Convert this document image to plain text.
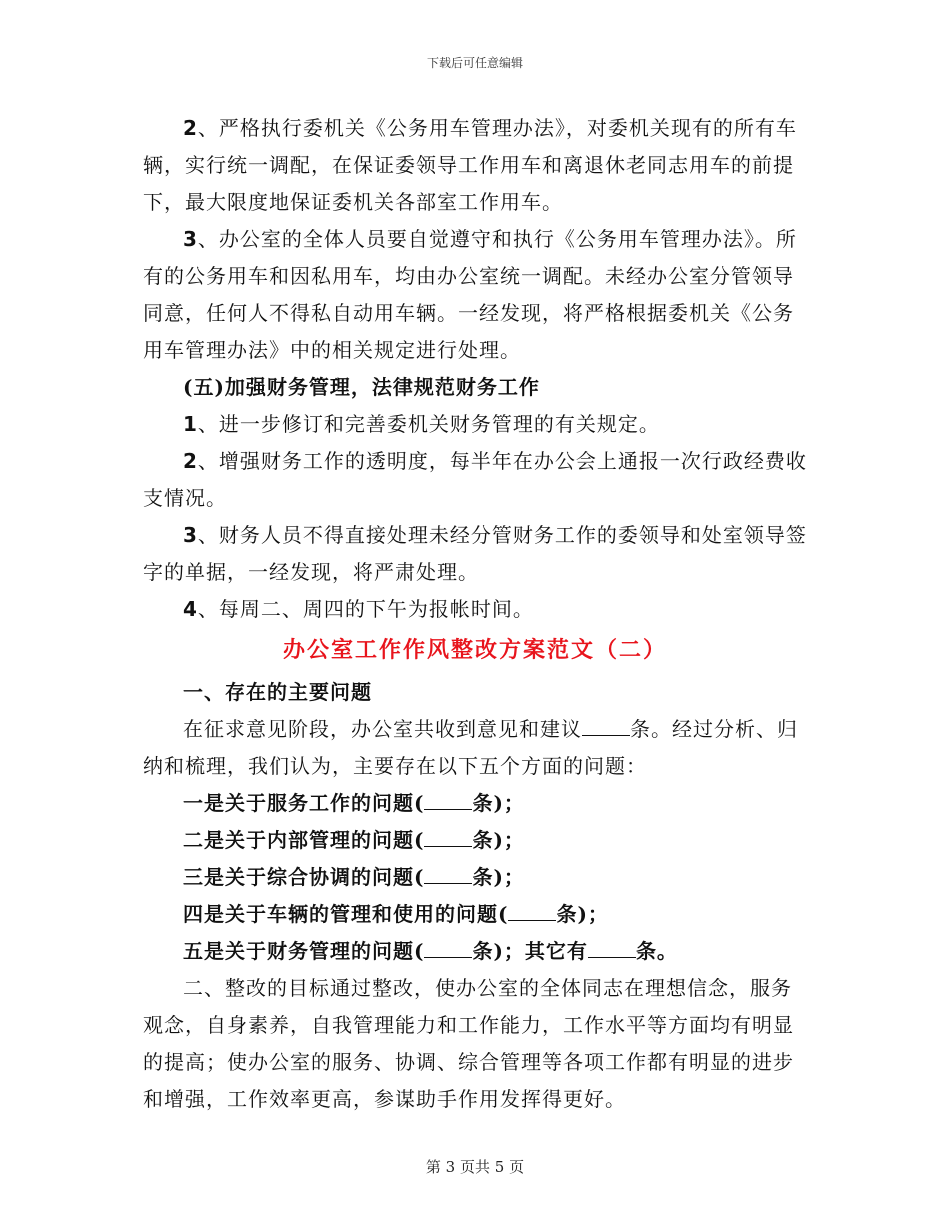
下载后可任意编辑

2、严格执行委机关《公务用车管理办法》，对委机关现有的所有车辆，实行统一调配，在保证委领导工作用车和离退休老同志用车的前提下，最大限度地保证委机关各部室工作用车。

3、办公室的全体人员要自觉遵守和执行《公务用车管理办法》。所有的公务用车和因私用车，均由办公室统一调配。未经办公室分管领导同意，任何人不得私自动用车辆。一经发现，将严格根据委机关《公务用车管理办法》中的相关规定进行处理。

(五)加强财务管理，法律规范财务工作

1、进一步修订和完善委机关财务管理的有关规定。

2、增强财务工作的透明度，每半年在办公会上通报一次行政经费收支情况。

3、财务人员不得直接处理未经分管财务工作的委领导和处室领导签字的单据，一经发现，将严肃处理。

4、每周二、周四的下午为报帐时间。

办公室工作作风整改方案范文（二）

一、存在的主要问题

在征求意见阶段，办公室共收到意见和建议 条。经过分析、归纳和梳理，我们认为，主要存在以下五个方面的问题：

一是关于服务工作的问题( 条)；

二是关于内部管理的问题( 条)；

三是关于综合协调的问题( 条)；

四是关于车辆的管理和使用的问题( 条)；

五是关于财务管理的问题( 条)；其它有 条。

二、整改的目标通过整改，使办公室的全体同志在理想信念，服务观念，自身素养，自我管理能力和工作能力，工作水平等方面均有明显的提高；使办公室的服务、协调、综合管理等各项工作都有明显的进步和增强，工作效率更高，参谋助手作用发挥得更好。

第 3 页共 5 页
